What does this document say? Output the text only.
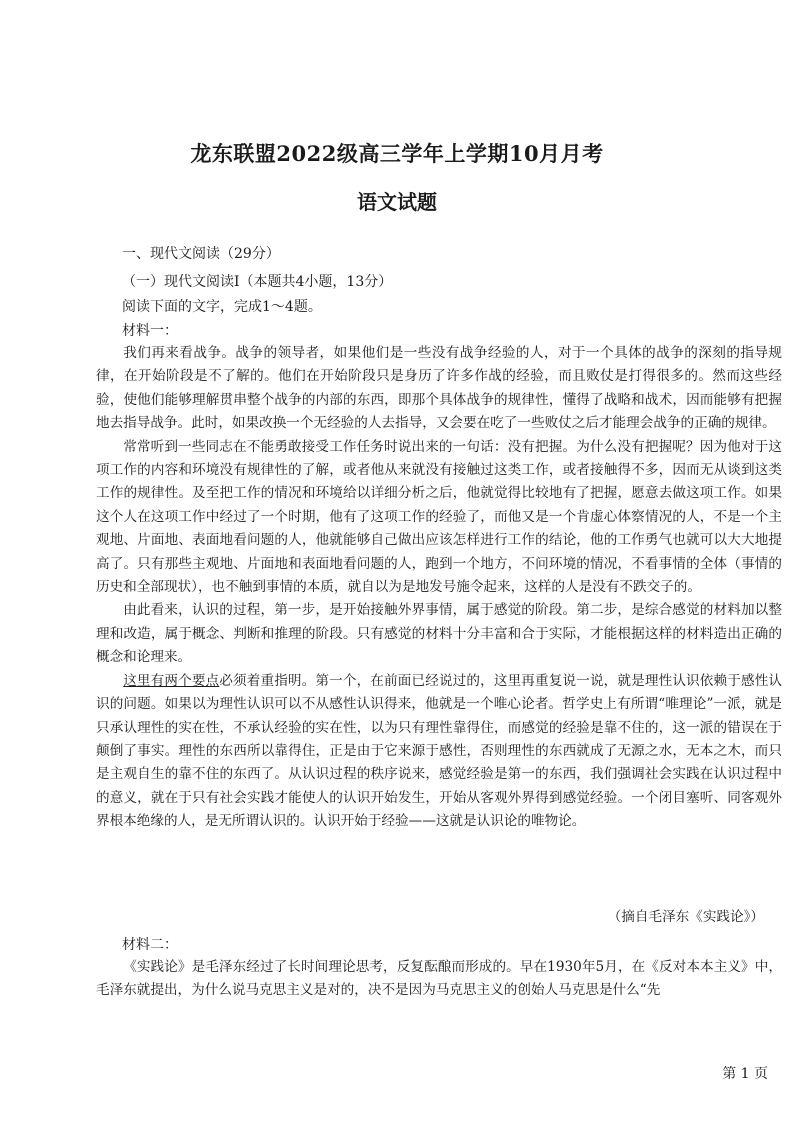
龙东联盟2022级高三学年上学期10月月考
语文试题
一、现代文阅读（29分）
（一）现代文阅读Ⅰ（本题共4小题，13分）
阅读下面的文字，完成1～4题。
材料一：

我们再来看战争。战争的领导者，如果他们是一些没有战争经验的人，对于一个具体的战争的深刻的指导规律，在开始阶段是不了解的。他们在开始阶段只是身历了许多作战的经验，而且败仗是打得很多的。然而这些经验，使他们能够理解贯串整个战争的内部的东西，即那个具体战争的规律性，懂得了战略和战术，因而能够有把握地去指导战争。此时，如果改换一个无经验的人去指导，又会要在吃了一些败仗之后才能理会战争的正确的规律。

常常听到一些同志在不能勇敢接受工作任务时说出来的一句话：没有把握。为什么没有把握呢？因为他对于这项工作的内容和环境没有规律性的了解，或者他从来就没有接触过这类工作，或者接触得不多，因而无从谈到这类工作的规律性。及至把工作的情况和环境给以详细分析之后，他就觉得比较地有了把握，愿意去做这项工作。如果这个人在这项工作中经过了一个时期，他有了这项工作的经验了，而他又是一个肯虚心体察情况的人，不是一个主观地、片面地、表面地看问题的人，他就能够自己做出应该怎样进行工作的结论，他的工作勇气也就可以大大地提高了。只有那些主观地、片面地和表面地看问题的人，跑到一个地方，不问环境的情况，不看事情的全体（事情的历史和全部现状），也不触到事情的本质，就自以为是地发号施令起来，这样的人是没有不跌交子的。

由此看来，认识的过程，第一步，是开始接触外界事情，属于感觉的阶段。第二步，是综合感觉的材料加以整理和改造，属于概念、判断和推理的阶段。只有感觉的材料十分丰富和合于实际，才能根据这样的材料造出正确的概念和论理来。

这里有两个要点必须着重指明。第一个，在前面已经说过的，这里再重复说一说，就是理性认识依赖于感性认识的问题。如果以为理性认识可以不从感性认识得来，他就是一个唯心论者。哲学史上有所谓“唯理论”一派，就是只承认理性的实在性，不承认经验的实在性，以为只有理性靠得住，而感觉的经验是靠不住的，这一派的错误在于颠倒了事实。理性的东西所以靠得住，正是由于它来源于感性，否则理性的东西就成了无源之水，无本之木，而只是主观自生的靠不住的东西了。从认识过程的秩序说来，感觉经验是第一的东西，我们强调社会实践在认识过程中的意义，就在于只有社会实践才能使人的认识开始发生，开始从客观外界得到感觉经验。一个闭目塞听、同客观外界根本绝缘的人，是无所谓认识的。认识开始于经验——这就是认识论的唯物论。

（摘自毛泽东《实践论》）
材料二：

《实践论》是毛泽东经过了长时间理论思考，反复酝酿而形成的。早在1930年5月，在《反对本本主义》中，毛泽东就提出，为什么说马克思主义是对的，决不是因为马克思主义的创始人马克思是什么“先

第 1 页
